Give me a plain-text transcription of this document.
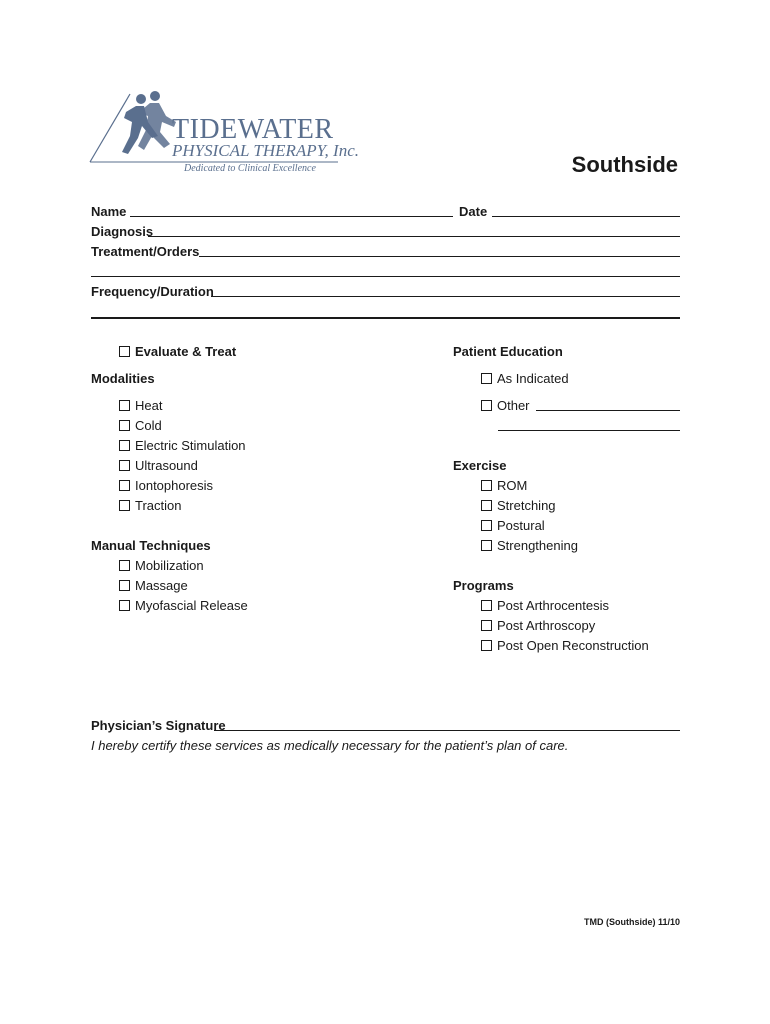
TIDEWATER
PHYSICAL THERAPY, Inc.
Dedicated to Clinical Excellence	Southside
Name	Date
Diagnosis
Treatment/Orders
Frequency/Duration
Evaluate & Treat
Modalities
Heat
Cold
Electric Stimulation
Ultrasound
Iontophoresis
Traction
Manual Techniques
Mobilization
Massage
Myofascial Release
Patient Education
As Indicated
Other
Exercise
ROM
Stretching
Postural
Strengthening
Programs
Post Arthrocentesis
Post Arthroscopy
Post Open Reconstruction
Physician’s Signature
I hereby certify these services as medically necessary for the patient’s plan of care.
TMD (Southside) 11/10
